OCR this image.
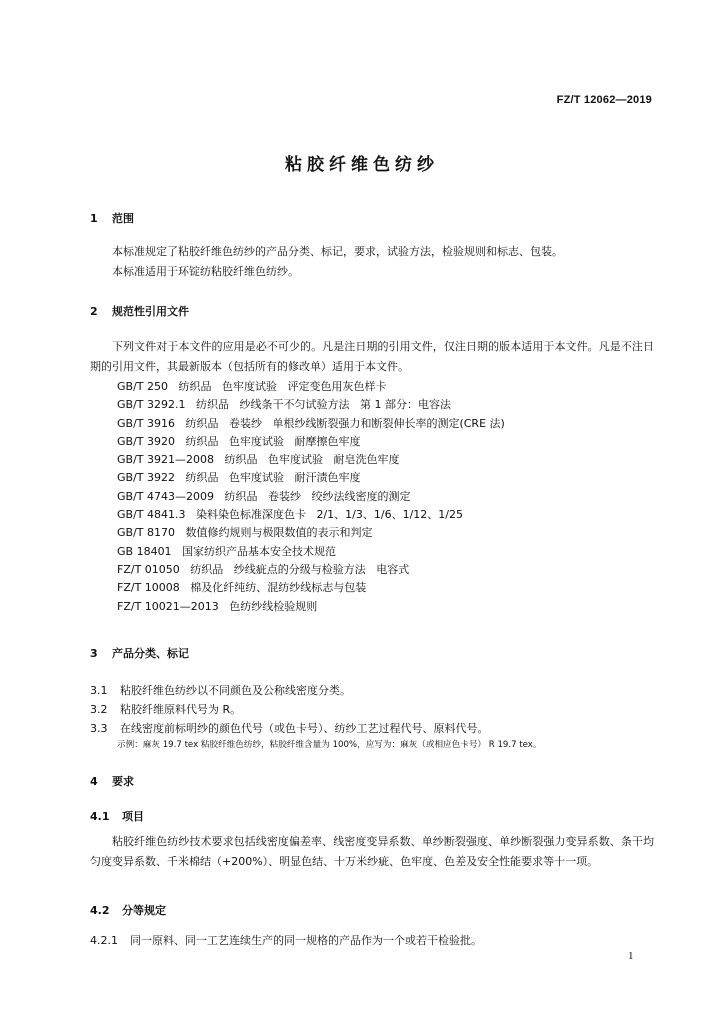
FZ/T 12062—2019
粘胶纤维色纺纱
1 范围

本标准规定了粘胶纤维色纺纱的产品分类、标记，要求，试验方法，检验规则和标志、包装。

本标准适用于环锭纺粘胶纤维色纺纱。

2 规范性引用文件

下列文件对于本文件的应用是必不可少的。凡是注日期的引用文件，仅注日期的版本适用于本文件。凡是不注日期的引用文件，其最新版本（包括所有的修改单）适用于本文件。

GB/T 250   纺织品   色牢度试验   评定变色用灰色样卡
GB/T 3292.1   纺织品   纱线条干不匀试验方法   第 1 部分：电容法
GB/T 3916   纺织品   卷装纱   单根纱线断裂强力和断裂伸长率的测定(CRE 法)
GB/T 3920   纺织品   色牢度试验   耐摩擦色牢度
GB/T 3921—2008   纺织品   色牢度试验   耐皂洗色牢度
GB/T 3922   纺织品   色牢度试验   耐汗渍色牢度
GB/T 4743—2009   纺织品   卷装纱   绞纱法线密度的测定
GB/T 4841.3   染料染色标准深度色卡   2/1、1/3、1/6、1/12、1/25
GB/T 8170   数值修约规则与极限数值的表示和判定
GB 18401   国家纺织产品基本安全技术规范
FZ/T 01050   纺织品   纱线疵点的分级与检验方法   电容式
FZ/T 10008   棉及化纤纯纺、混纺纱线标志与包装
FZ/T 10021—2013   色纺纱线检验规则
3 产品分类、标记
3.1 粘胶纤维色纺纱以不同颜色及公称线密度分类。
3.2 粘胶纤维原料代号为 R。
3.3 在线密度前标明纱的颜色代号（或色卡号）、纺纱工艺过程代号、原料代号。
示例：麻灰 19.7 tex 粘胶纤维色纺纱，粘胶纤维含量为 100%，应写为：麻灰（或相应色卡号） R 19.7 tex。
4 要求
4.1 项目

粘胶纤维色纺纱技术要求包括线密度偏差率、线密度变异系数、单纱断裂强度、单纱断裂强力变异系数、条干均匀度变异系数、千米棉结（+200%）、明显色结、十万米纱疵、色牢度、色差及安全性能要求等十一项。

4.2 分等规定
4.2.1 同一原料、同一工艺连续生产的同一规格的产品作为一个或若干检验批。
1
